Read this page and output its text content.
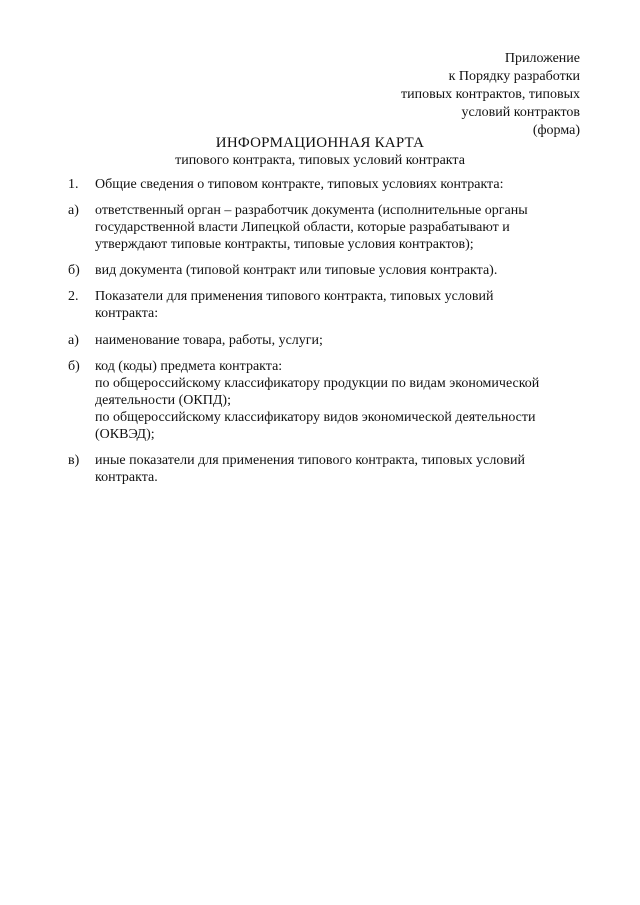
Приложение
к Порядку разработки
типовых контрактов, типовых
условий контрактов
(форма)
ИНФОРМАЦИОННАЯ КАРТА
типового контракта, типовых условий контракта
1. Общие сведения о типовом контракте, типовых условиях контракта:
а) ответственный орган – разработчик документа (исполнительные органы
государственной власти Липецкой области, которые разрабатывают и
утверждают типовые контракты, типовые условия контрактов);
б) вид документа (типовой контракт или типовые условия контракта).
2. Показатели для применения типового контракта, типовых условий
контракта:
а) наименование товара, работы, услуги;
б) код (коды) предмета контракта:
по общероссийскому классификатору продукции по видам экономической
деятельности (ОКПД);
по общероссийскому классификатору видов экономической деятельности
(ОКВЭД);
в) иные показатели для применения типового контракта, типовых условий
контракта.
